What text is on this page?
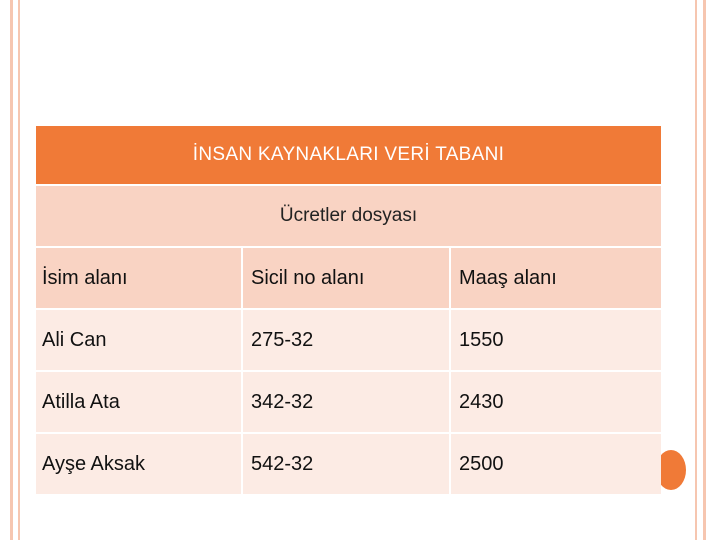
İNSAN KAYNAKLARI VERİ TABANI
Ücretler dosyası
İsim alanı	Sicil no alanı	Maaş alanı
Ali Can	275-32	1550
Atilla Ata	342-32	2430
Ayşe Aksak	542-32	2500
